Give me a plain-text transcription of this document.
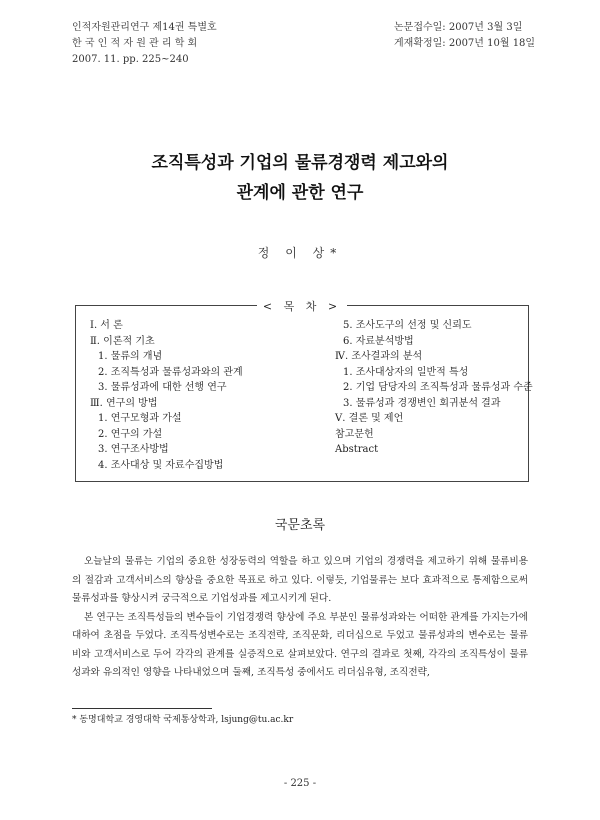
인적자원관리연구 제14권 특별호
한 국 인 적 자 원 관 리 학 회
2007. 11. pp. 225~240
논문접수일: 2007년 3월 3일
게재확정일: 2007년 10월 18일
조직특성과 기업의 물류경쟁력 제고와의
관계에 관한 연구
정 이 상*
< 목 차 >
Ⅰ. 서 론
Ⅱ. 이론적 기초
1. 물류의 개념
2. 조직특성과 물류성과와의 관계
3. 물류성과에 대한 선행 연구
Ⅲ. 연구의 방법
1. 연구모형과 가설
2. 연구의 가설
3. 연구조사방법
4. 조사대상 및 자료수집방법
5. 조사도구의 선정 및 신뢰도
6. 자료분석방법
Ⅳ. 조사결과의 분석
1. 조사대상자의 일반적 특성
2. 기업 담당자의 조직특성과 물류성과 수준
3. 물류성과 경쟁변인 회귀분석 결과
Ⅴ. 결론 및 제언
참고문헌
Abstract
국문초록

오늘날의 물류는 기업의 중요한 성장동력의 역할을 하고 있으며 기업의 경쟁력을 제고하기 위해 물류비용의 절감과 고객서비스의 향상을 중요한 목표로 하고 있다. 이렇듯, 기업물류는 보다 효과적으로 통제함으로써 물류성과를 향상시켜 궁극적으로 기업성과를 제고시키게 된다.

본 연구는 조직특성들의 변수들이 기업경쟁력 향상에 주요 부분인 물류성과와는 어떠한 관계를 가지는가에 대하여 초점을 두었다. 조직특성변수로는 조직전략, 조직문화, 리더십으로 두었고 물류성과의 변수로는 물류비와 고객서비스로 두어 각각의 관계를 실증적으로 살펴보았다. 연구의 결과로 첫째, 각각의 조직특성이 물류성과와 유의적인 영향을 나타내었으며 둘째, 조직특성 중에서도 리더십유형, 조직전략,

* 동명대학교 경영대학 국제통상학과, lsjung@tu.ac.kr
- 225 -
